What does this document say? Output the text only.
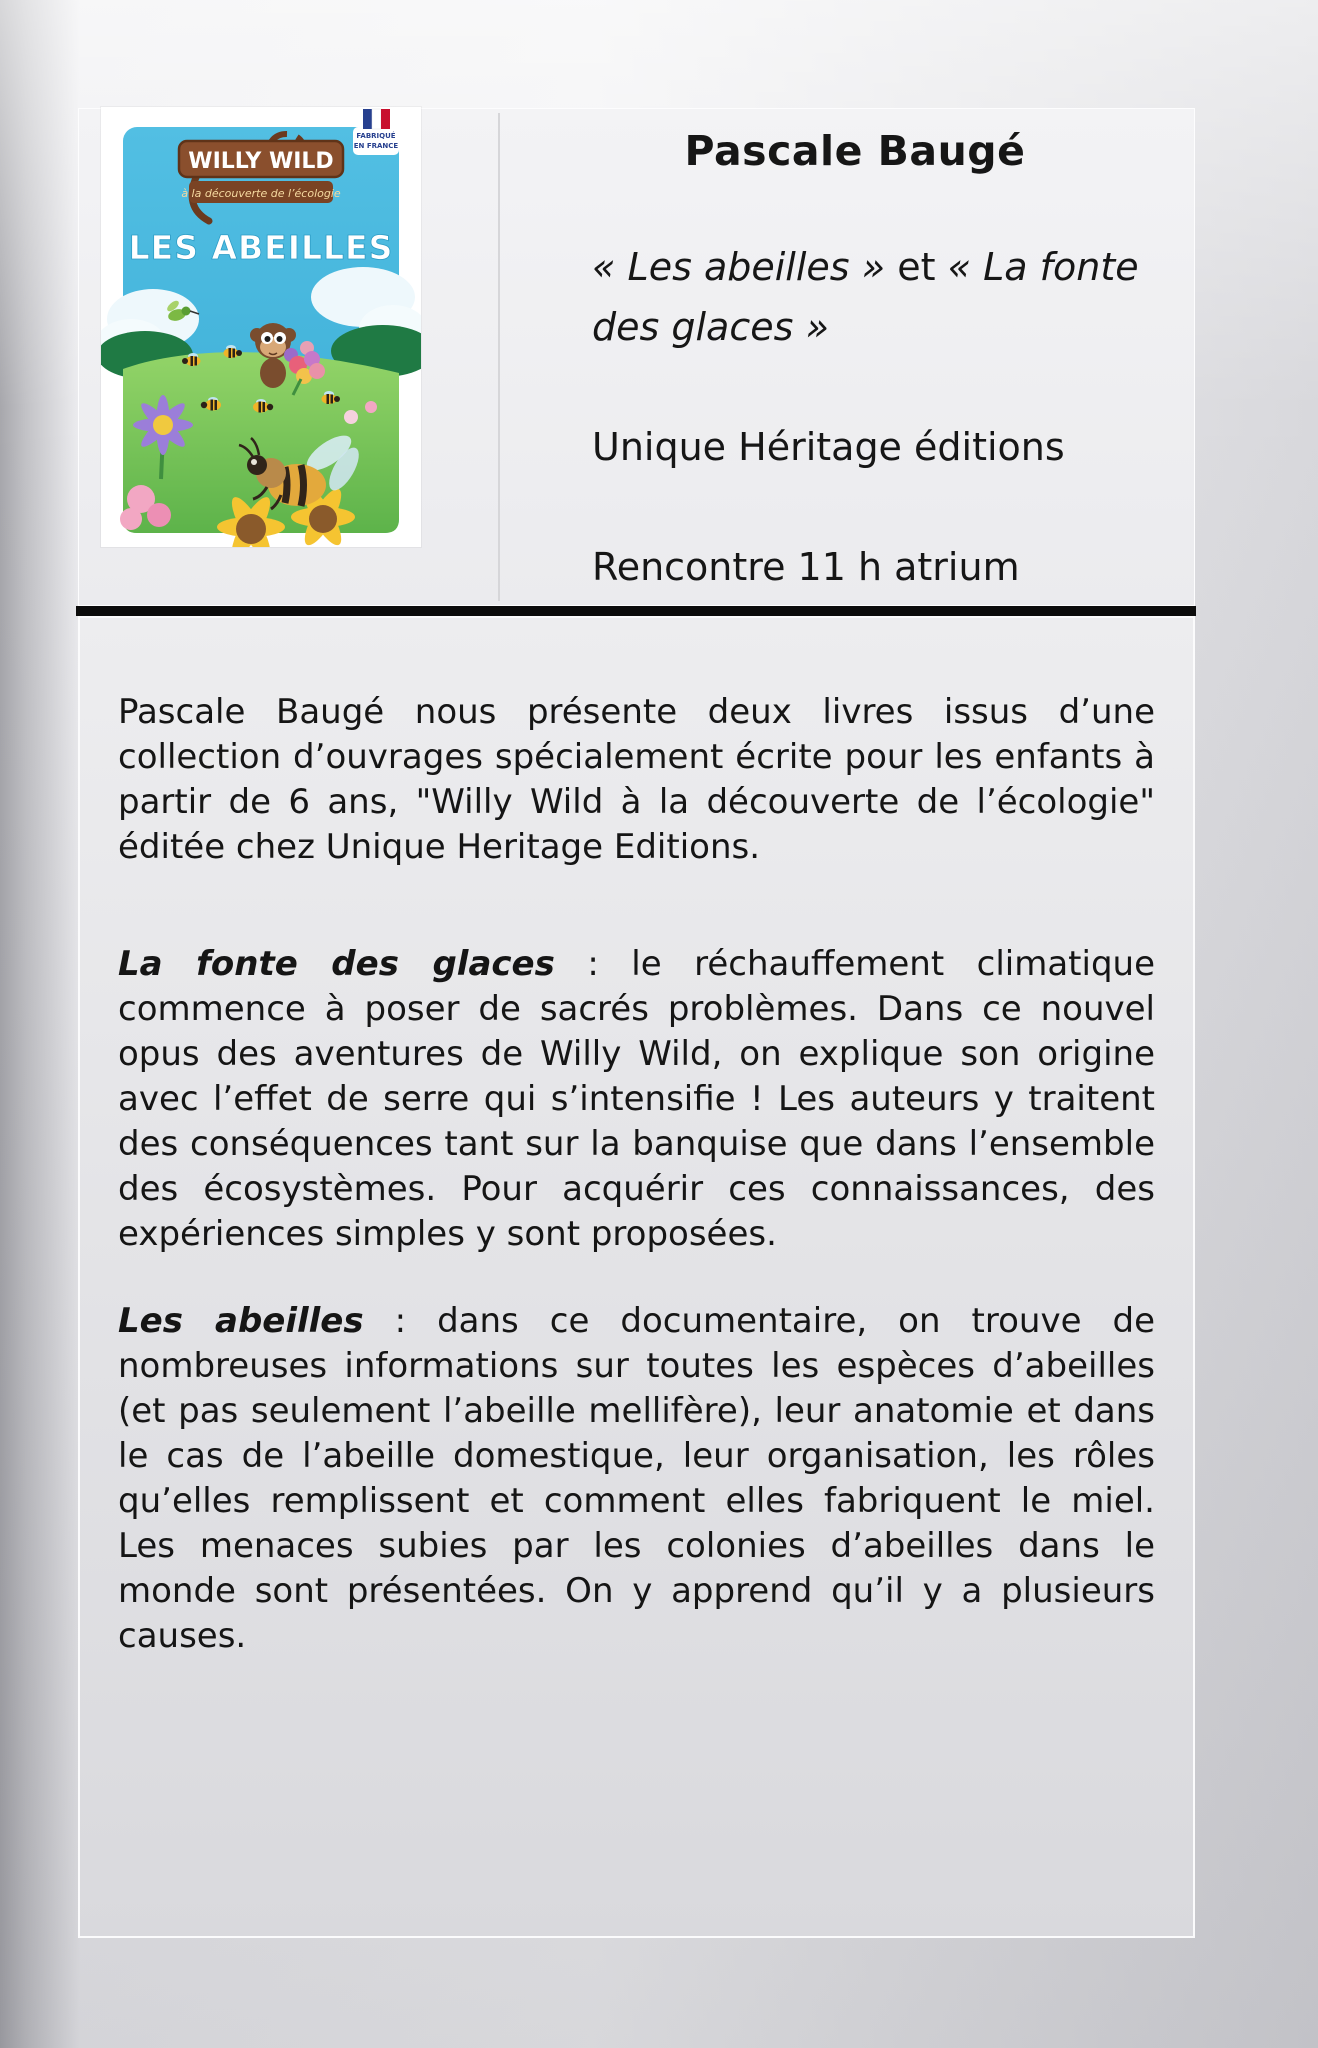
WILLY WILD
à la découverte de l’écologie
LES ABEILLES
FABRIQUÉ
EN FRANCE	Pascale Baugé

« Les abeilles » et « La fonte des glaces »

Unique Héritage éditions

Rencontre 11 h atrium

Pascale Baugé nous présente deux livres issus d’une collection d’ouvrages spécialement écrite pour les enfants à partir de 6 ans, "Willy Wild à la découverte de l’écologie" éditée chez Unique Heritage Editions.

La fonte des glaces : le réchauffement climatique commence à poser de sacrés problèmes. Dans ce nouvel opus des aventures de Willy Wild, on explique son origine avec l’effet de serre qui s’intensifie ! Les auteurs y traitent des conséquences tant sur la banquise que dans l’ensemble des écosystèmes. Pour acquérir ces connaissances, des expériences simples y sont proposées.

Les abeilles : dans ce documentaire, on trouve de nombreuses informations sur toutes les espèces d’abeilles (et pas seulement l’abeille mellifère), leur anatomie et dans le cas de l’abeille domestique, leur organisation, les rôles qu’elles remplissent et comment elles fabriquent le miel. Les menaces subies par les colonies d’abeilles dans le monde sont présentées. On y apprend qu’il y a plusieurs causes.
